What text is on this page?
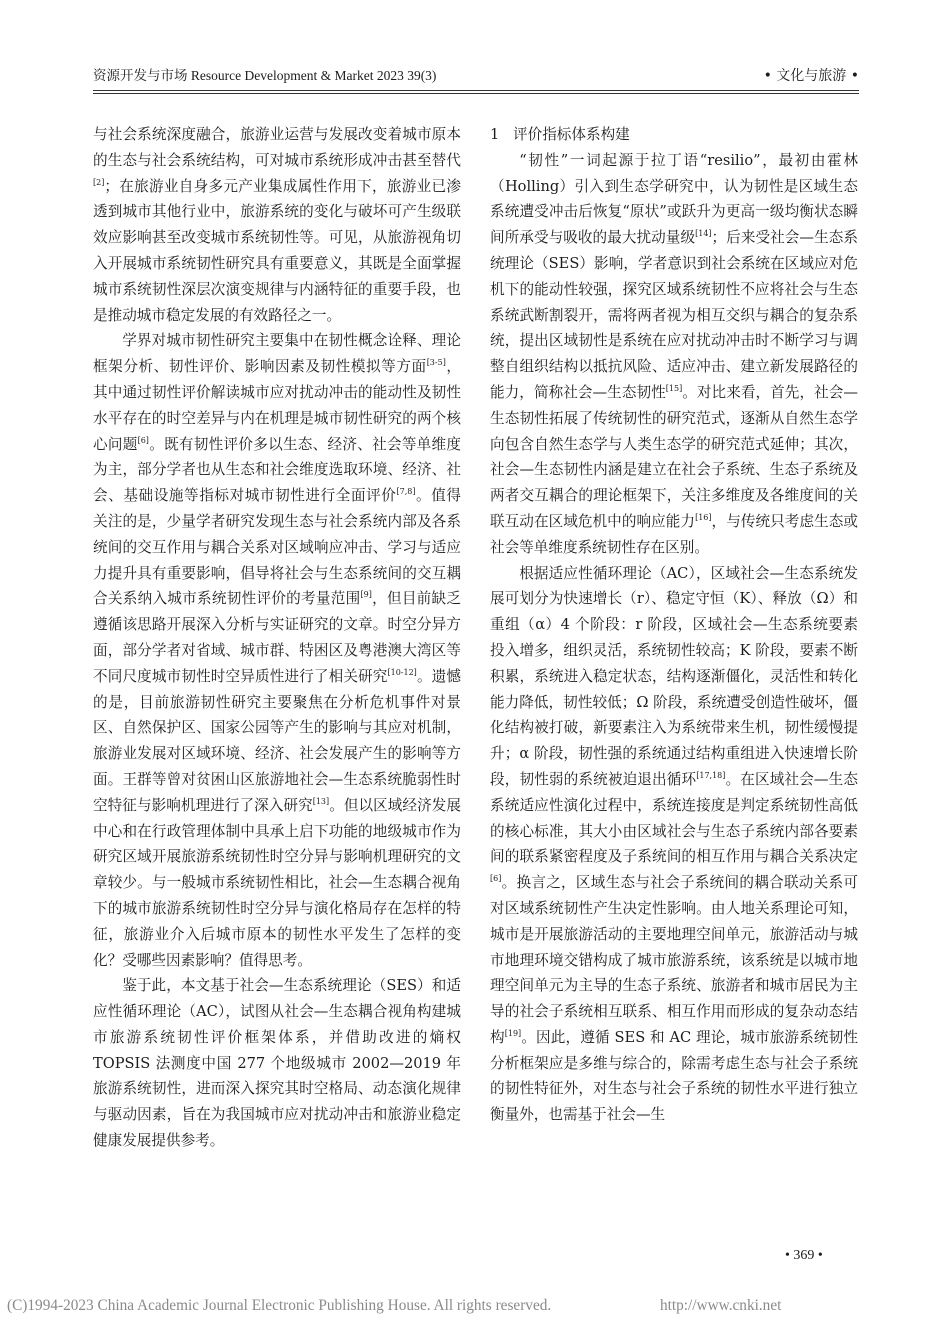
资源开发与市场 Resource Development & Market 2023 39(3)	• 文化与旅游 •

与社会系统深度融合，旅游业运营与发展改变着城市原本的生态与社会系统结构，可对城市系统形成冲击甚至替代[2]；在旅游业自身多元产业集成属性作用下，旅游业已渗透到城市其他行业中，旅游系统的变化与破坏可产生级联效应影响甚至改变城市系统韧性等。可见，从旅游视角切入开展城市系统韧性研究具有重要意义，其既是全面掌握城市系统韧性深层次演变规律与内涵特征的重要手段，也是推动城市稳定发展的有效路径之一。

学界对城市韧性研究主要集中在韧性概念诠释、理论框架分析、韧性评价、影响因素及韧性模拟等方面[3-5]，其中通过韧性评价解读城市应对扰动冲击的能动性及韧性水平存在的时空差异与内在机理是城市韧性研究的两个核心问题[6]。既有韧性评价多以生态、经济、社会等单维度为主，部分学者也从生态和社会维度选取环境、经济、社会、基础设施等指标对城市韧性进行全面评价[7,8]。值得关注的是，少量学者研究发现生态与社会系统内部及各系统间的交互作用与耦合关系对区域响应冲击、学习与适应力提升具有重要影响，倡导将社会与生态系统间的交互耦合关系纳入城市系统韧性评价的考量范围[9]，但目前缺乏遵循该思路开展深入分析与实证研究的文章。时空分异方面，部分学者对省域、城市群、特困区及粤港澳大湾区等不同尺度城市韧性时空异质性进行了相关研究[10-12]。遗憾的是，目前旅游韧性研究主要聚焦在分析危机事件对景区、自然保护区、国家公园等产生的影响与其应对机制，旅游业发展对区域环境、经济、社会发展产生的影响等方面。王群等曾对贫困山区旅游地社会—生态系统脆弱性时空特征与影响机理进行了深入研究[13]。但以区域经济发展中心和在行政管理体制中具承上启下功能的地级城市作为研究区域开展旅游系统韧性时空分异与影响机理研究的文章较少。与一般城市系统韧性相比，社会—生态耦合视角下的城市旅游系统韧性时空分异与演化格局存在怎样的特征，旅游业介入后城市原本的韧性水平发生了怎样的变化？受哪些因素影响？值得思考。

鉴于此，本文基于社会—生态系统理论（SES）和适应性循环理论（AC），试图从社会—生态耦合视角构建城市旅游系统韧性评价框架体系，并借助改进的熵权 TOPSIS 法测度中国 277 个地级城市 2002—2019 年旅游系统韧性，进而深入探究其时空格局、动态演化规律与驱动因素，旨在为我国城市应对扰动冲击和旅游业稳定健康发展提供参考。

1 评价指标体系构建

“韧性”一词起源于拉丁语“resilio”，最初由霍林（Holling）引入到生态学研究中，认为韧性是区域生态系统遭受冲击后恢复“原状”或跃升为更高一级均衡状态瞬间所承受与吸收的最大扰动量级[14]；后来受社会—生态系统理论（SES）影响，学者意识到社会系统在区域应对危机下的能动性较强，探究区域系统韧性不应将社会与生态系统武断割裂开，需将两者视为相互交织与耦合的复杂系统，提出区域韧性是系统在应对扰动冲击时不断学习与调整自组织结构以抵抗风险、适应冲击、建立新发展路径的能力，简称社会—生态韧性[15]。对比来看，首先，社会—生态韧性拓展了传统韧性的研究范式，逐渐从自然生态学向包含自然生态学与人类生态学的研究范式延伸；其次，社会—生态韧性内涵是建立在社会子系统、生态子系统及两者交互耦合的理论框架下，关注多维度及各维度间的关联互动在区域危机中的响应能力[16]，与传统只考虑生态或社会等单维度系统韧性存在区别。

根据适应性循环理论（AC），区域社会—生态系统发展可划分为快速增长（r）、稳定守恒（K）、释放（Ω）和重组（α）4 个阶段：r 阶段，区域社会—生态系统要素投入增多，组织灵活，系统韧性较高；K 阶段，要素不断积累，系统进入稳定状态，结构逐渐僵化，灵活性和转化能力降低，韧性较低；Ω 阶段，系统遭受创造性破坏，僵化结构被打破，新要素注入为系统带来生机，韧性缓慢提升；α 阶段，韧性强的系统通过结构重组进入快速增长阶段，韧性弱的系统被迫退出循环[17,18]。在区域社会—生态系统适应性演化过程中，系统连接度是判定系统韧性高低的核心标准，其大小由区域社会与生态子系统内部各要素间的联系紧密程度及子系统间的相互作用与耦合关系决定[6]。换言之，区域生态与社会子系统间的耦合联动关系可对区域系统韧性产生决定性影响。由人地关系理论可知，城市是开展旅游活动的主要地理空间单元，旅游活动与城市地理环境交错构成了城市旅游系统，该系统是以城市地理空间单元为主导的生态子系统、旅游者和城市居民为主导的社会子系统相互联系、相互作用而形成的复杂动态结构[19]。因此，遵循 SES 和 AC 理论，城市旅游系统韧性分析框架应是多维与综合的，除需考虑生态与社会子系统的韧性特征外，对生态与社会子系统的韧性水平进行独立衡量外，也需基于社会—生

• 369 •
(C)1994-2023 China Academic Journal Electronic Publishing House. All rights reserved.	http://www.cnki.net
